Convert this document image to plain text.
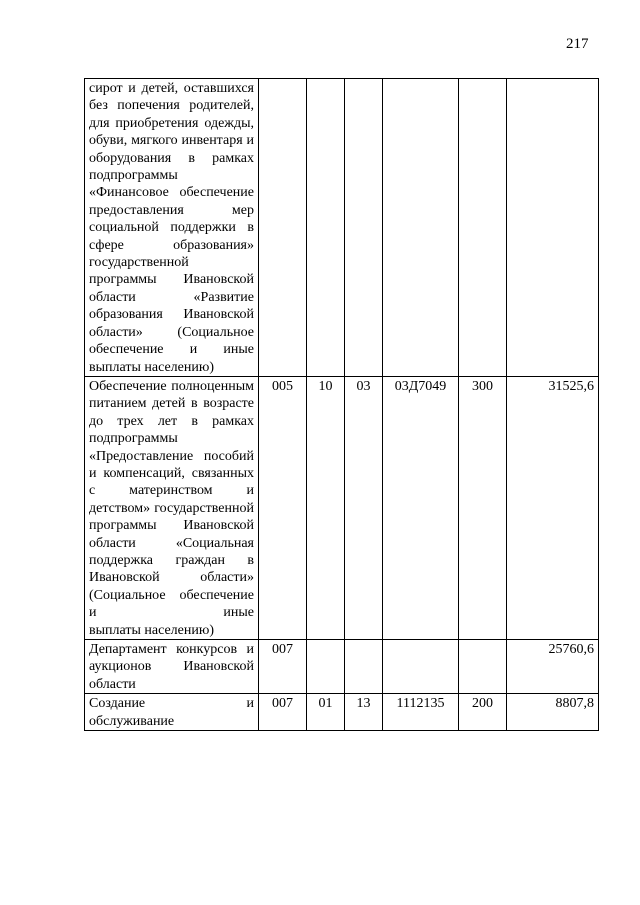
217
сирот и детей, оставшихся без попечения родителей, для приобретения одежды, обуви, мягкого инвентаря и оборудования в рамках подпрограммы «Финансовое обеспечение предоставления мер социальной поддержки в сфере образования» государственной программы Ивановской области «Развитие образования Ивановской области» (Социальное обеспечение и иные
выплаты населению)						

Обеспечение полноценным питанием детей в возрасте до трех лет в рамках подпрограммы «Предоставление пособий и компенсаций, связанных с материнством и детством» государственной программы Ивановской области «Социальная поддержка граждан в Ивановской области» (Социальное обеспечение и иные
выплаты населению)	005	10	03	03Д7049	300	31525,6
Департамент конкурсов и аукционов Ивановской
области	007					25760,6
Создание и
обслуживание	007	01	13	1112135	200	8807,8
